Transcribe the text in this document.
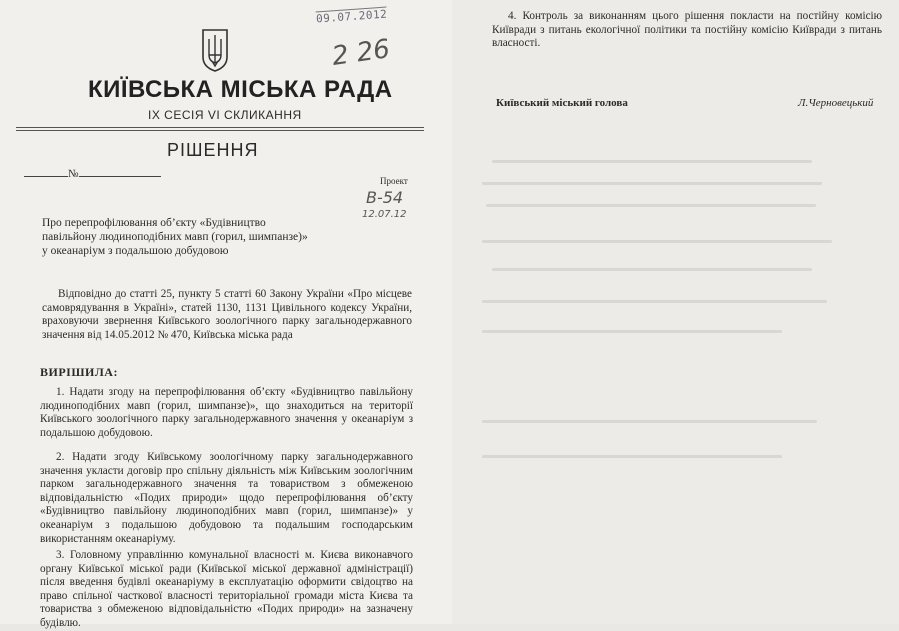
09.07.2012
2 26
КИЇВСЬКА МІСЬКА РАДА
IX СЕСІЯ VI СКЛИКАННЯ
РІШЕННЯ
№
Проект
В-54
12.07.12
Про перепрофілювання об’єкту «Будівництво павільйону людиноподібних мавп (горил, шимпанзе)» у океанаріум з подальшою добудовою
Відповідно до статті 25, пункту 5 статті 60 Закону України «Про місцеве самоврядування в Україні», статей 1130, 1131 Цивільного кодексу України, враховуючи звернення Київського зоологічного парку загальнодержавного значення від 14.05.2012 № 470, Київська міська рада
ВИРІШИЛА:
1. Надати згоду на перепрофілювання об’єкту «Будівництво павільйону людиноподібних мавп (горил, шимпанзе)», що знаходиться на території Київського зоологічного парку загальнодержавного значення у океанаріум з подальшою добудовою.
2. Надати згоду Київському зоологічному парку загальнодержавного значення укласти договір про спільну діяльність між Київським зоологічним парком загальнодержавного значення та товариством з обмеженою відповідальністю «Подих природи» щодо перепрофілювання об’єкту «Будівництво павільйону людиноподібних мавп (горил, шимпанзе)» у океанаріум з подальшою добудовою та подальшим господарським використанням океанаріуму.
3. Головному управлінню комунальної власності м. Києва виконавчого органу Київської міської ради (Київської міської державної адміністрації) після введення будівлі океанаріуму в експлуатацію оформити свідоцтво на право спільної часткової власності територіальної громади міста Києва та товариства з обмеженою відповідальністю «Подих природи» на зазначену будівлю.
4. Контроль за виконанням цього рішення покласти на постійну комісію Київради з питань екологічної політики та постійну комісію Київради з питань власності.
Київський міський голова	Л.Черновецький
